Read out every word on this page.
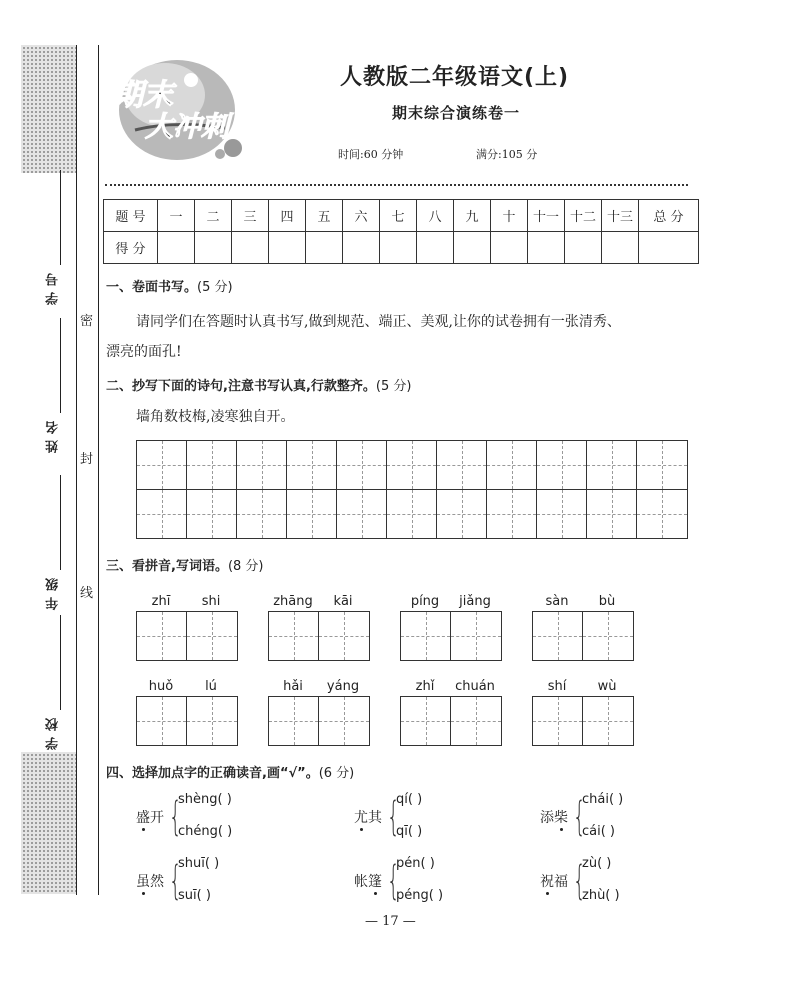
学号
姓名
年级
学校
密
封
线
期末
大冲刺
人教版二年级语文(上)
期末综合演练卷一
时间:60 分钟	满分:105 分
题 号	一	二	三	四	五	六	七	八	九	十	十一	十二	十三	总 分
得 分														
一、卷面书写。(5 分)
请同学们在答题时认真书写,做到规范、端正、美观,让你的试卷拥有一张清秀、
漂亮的面孔!
二、抄写下面的诗句,注意书写认真,行款整齐。(5 分)
墙角数枝梅,凌寒独自开。
三、看拼音,写词语。(8 分)
zhī shi	zhāng kāi	píng jiǎng	sàn bù
huǒ lú	hǎi yáng	zhǐ chuán	shí wù
四、选择加点字的正确读音,画“√”。(6 分)
盛开 {
shèng( )
chéng( )
尤其 {
qí( )
qī( )
添柴 {
chái( )
cái( )
虽然 {
shuī( )
suī( )
帐篷 {
pén( )
péng( )
祝福 {
zù( )
zhù( )
— 17 —
